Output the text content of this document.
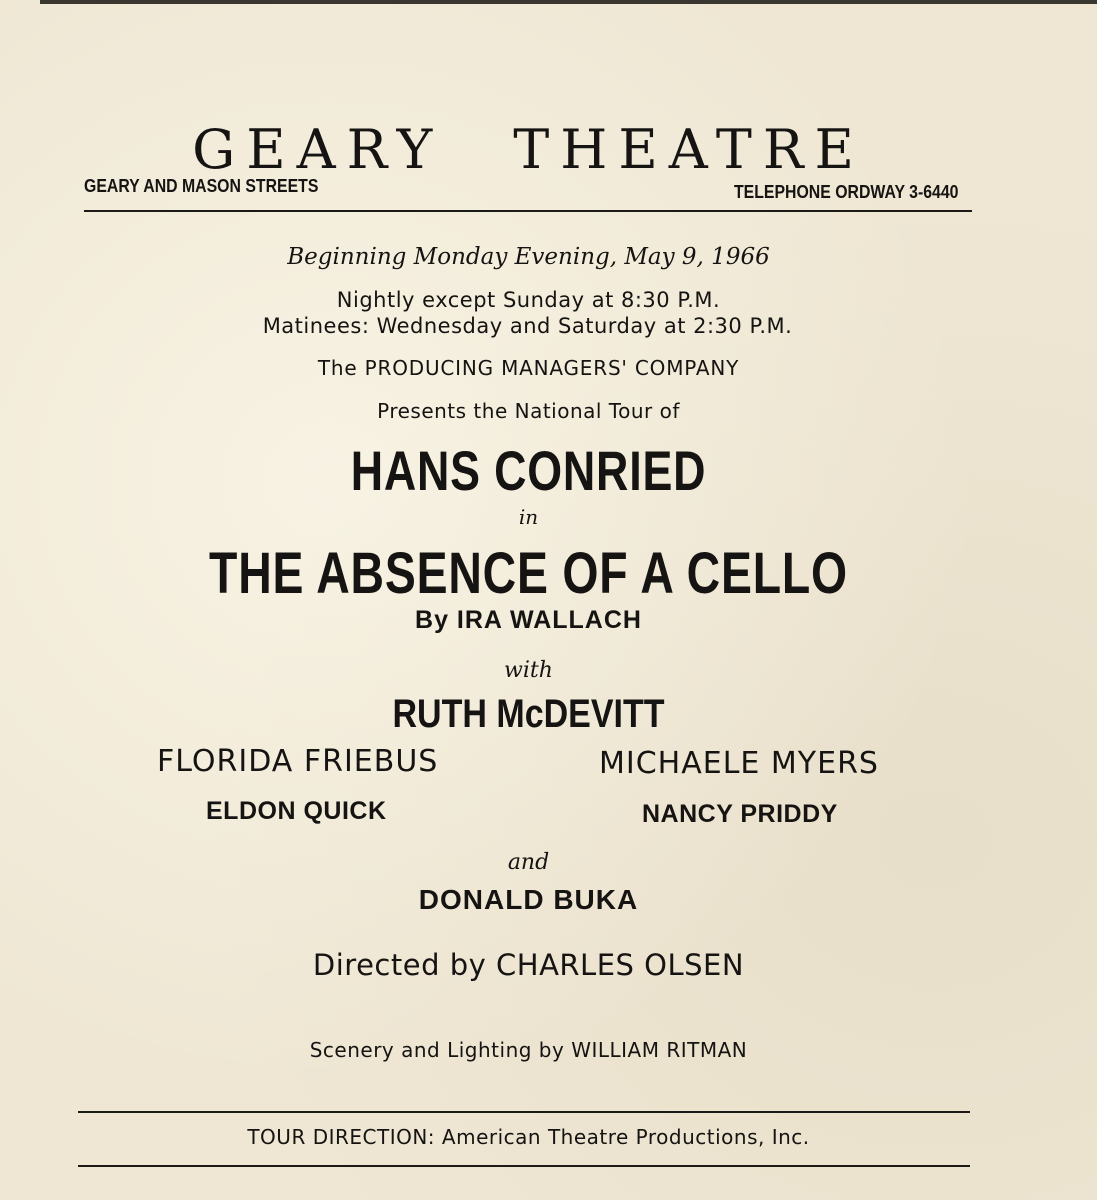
GEARY THEATRE
GEARY AND MASON STREETS	TELEPHONE ORDWAY 3-6440
Beginning Monday Evening, May 9, 1966
Nightly except Sunday at 8:30 P.M.
Matinees: Wednesday and Saturday at 2:30 P.M.
The PRODUCING MANAGERS' COMPANY
Presents the National Tour of
HANS CONRIED
in
THE ABSENCE OF A CELLO
By IRA WALLACH
with
RUTH McDEVITT
FLORIDA FRIEBUS	MICHAELE MYERS
ELDON QUICK	NANCY PRIDDY
and
DONALD BUKA
Directed by CHARLES OLSEN
Scenery and Lighting by WILLIAM RITMAN
TOUR DIRECTION: American Theatre Productions, Inc.
